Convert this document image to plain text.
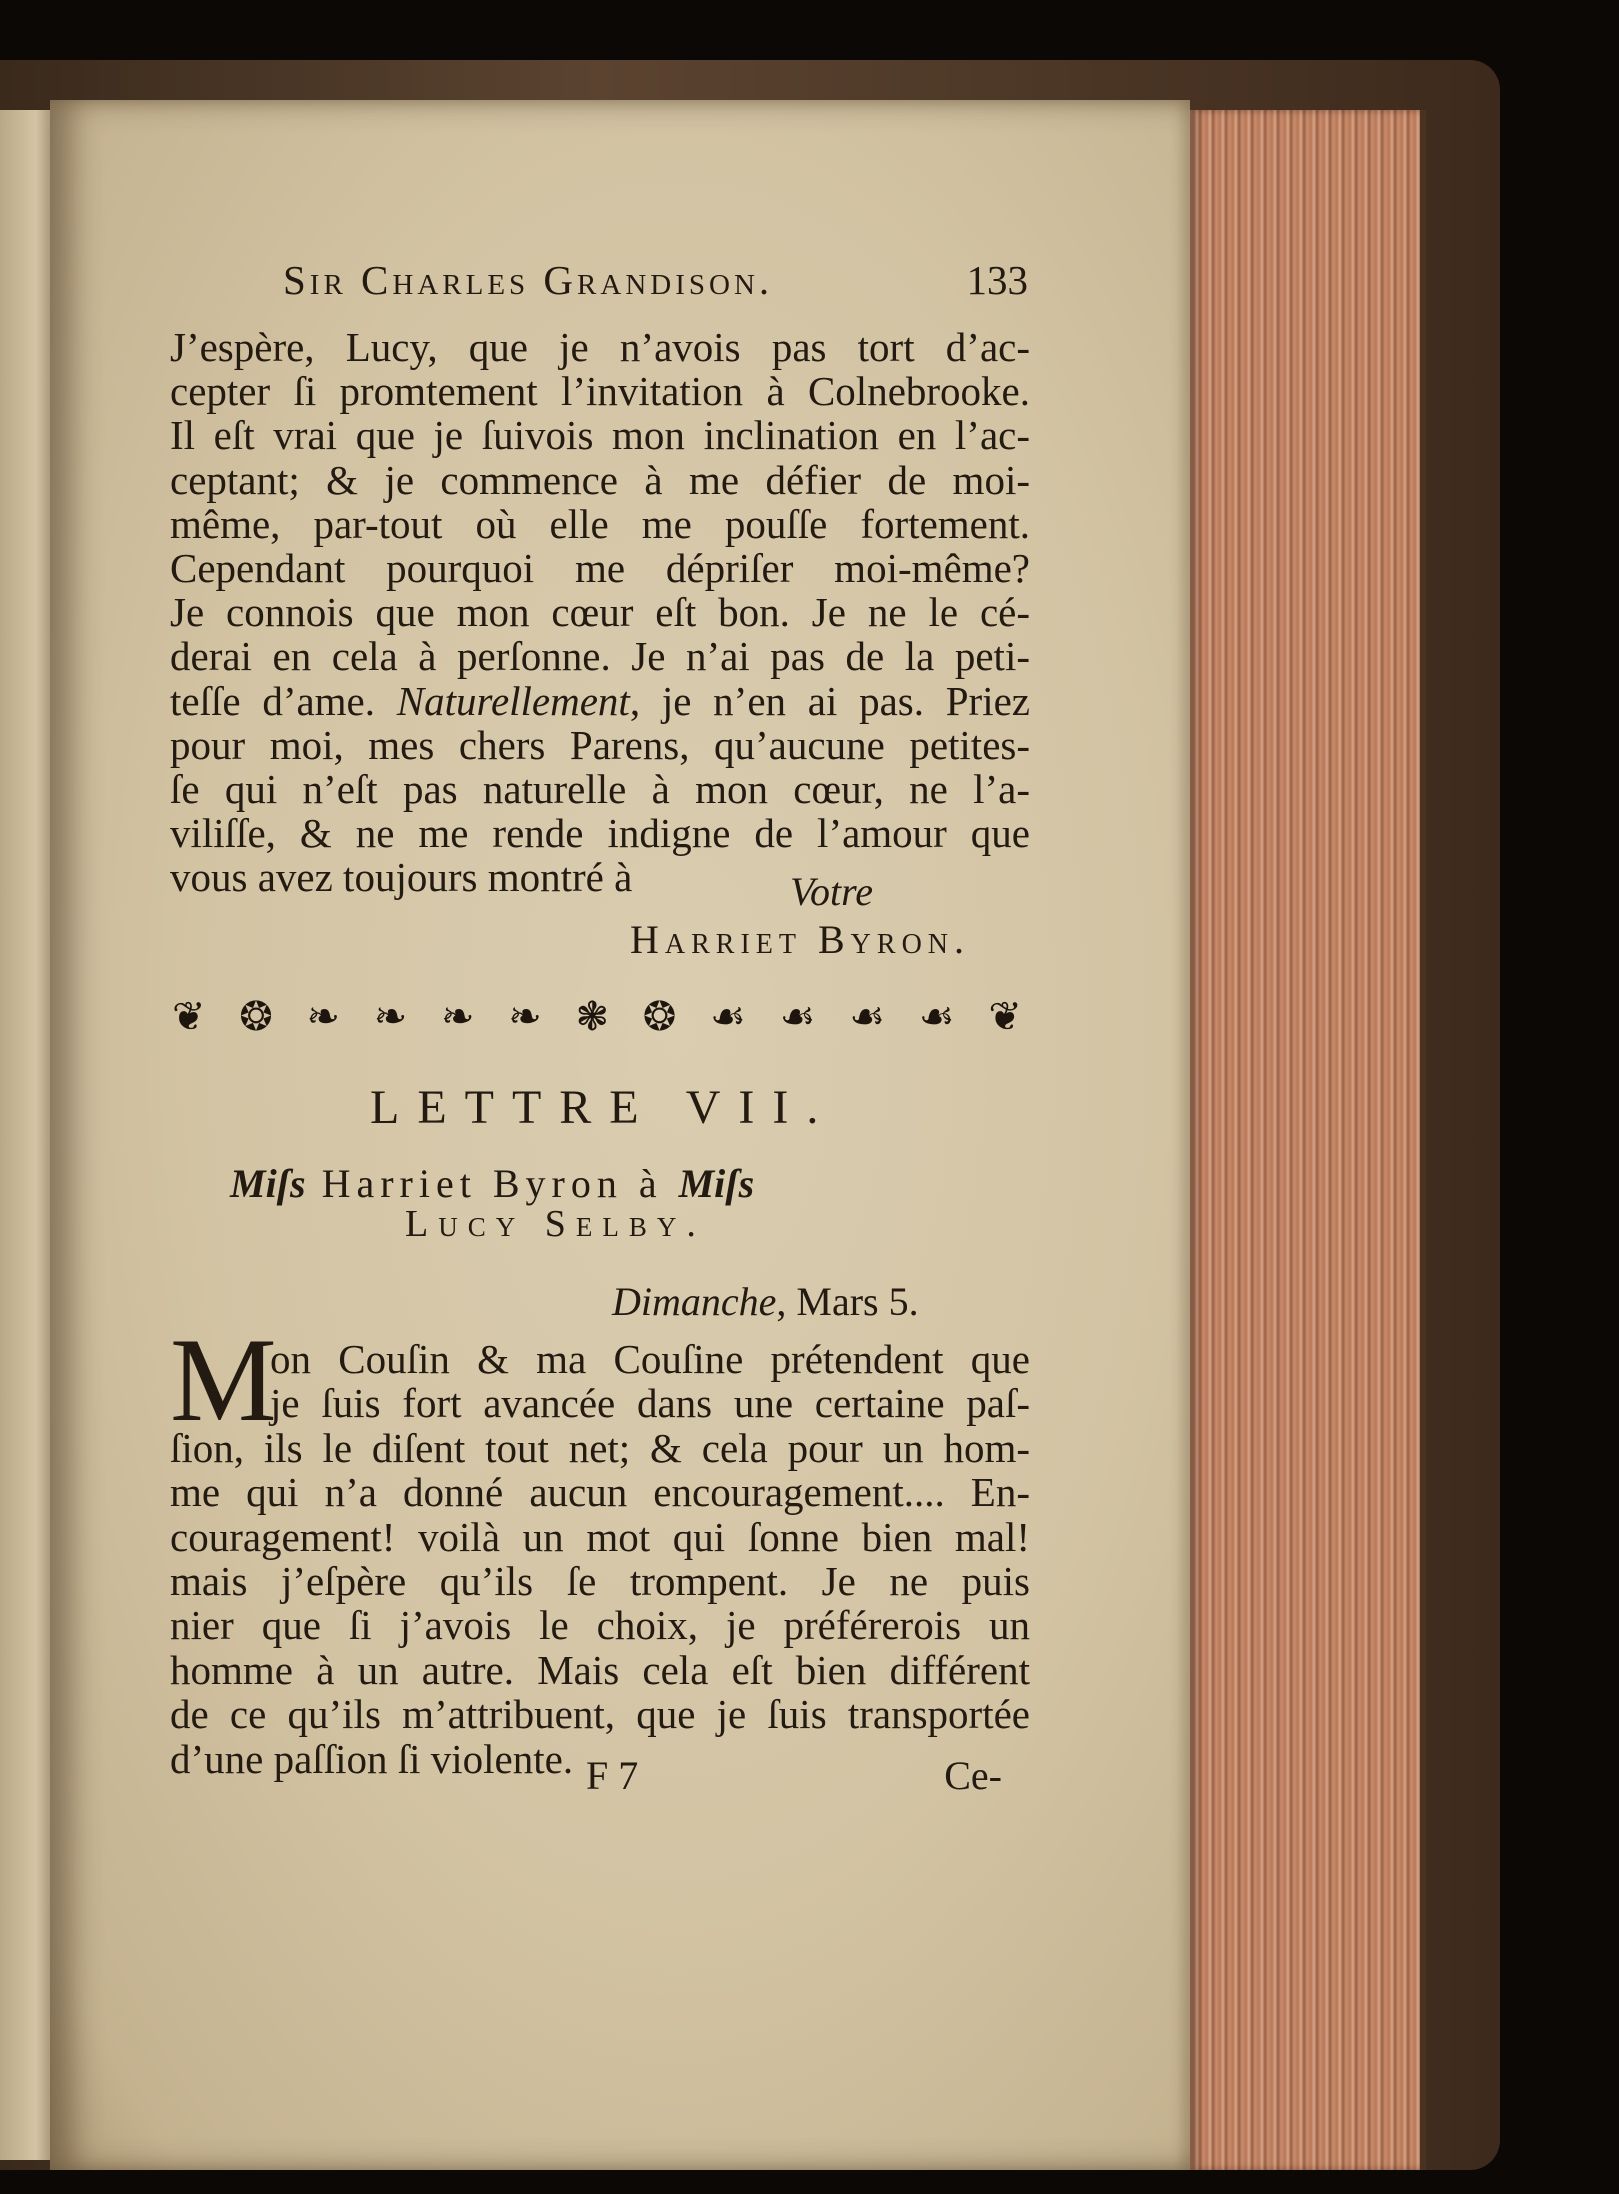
Sir Charles Grandison.	133
J’espère, Lucy, que je n’avois pas tort d’ac-
cepter ſi promtement l’invitation à Colnebrooke.
Il eſt vrai que je ſuivois mon inclination en l’ac-
ceptant; & je commence à me défier de moi-
même, par-tout où elle me pouſſe fortement.
Cependant pourquoi me dépriſer moi-même?
Je connois que mon cœur eſt bon. Je ne le cé-
derai en cela à perſonne. Je n’ai pas de la peti-
teſſe d’ame. Naturellement, je n’en ai pas. Priez
pour moi, mes chers Parens, qu’aucune petites-
ſe qui n’eſt pas naturelle à mon cœur, ne l’a-
viliſſe, & ne me rende indigne de l’amour que
vous avez toujours montré à	Votre
Harriet Byron.
❦ ❂ ❧ ❧ ❧ ❧ ❃ ❂ ☙ ☙ ☙ ☙ ❦
LETTRE VII.
Miſs Harriet Byron à Miſs
Lucy Selby.
Dimanche, Mars 5.
M
on Couſin & ma Couſine prétendent que
je ſuis fort avancée dans une certaine paſ-
ſion, ils le diſent tout net; & cela pour un hom-
me qui n’a donné aucun encouragement.... En-
couragement! voilà un mot qui ſonne bien mal!
mais j’eſpère qu’ils ſe trompent. Je ne puis
nier que ſi j’avois le choix, je préférerois un
homme à un autre. Mais cela eſt bien différent
de ce qu’ils m’attribuent, que je ſuis transportée
d’une paſſion ſi violente. F 7	Ce-
